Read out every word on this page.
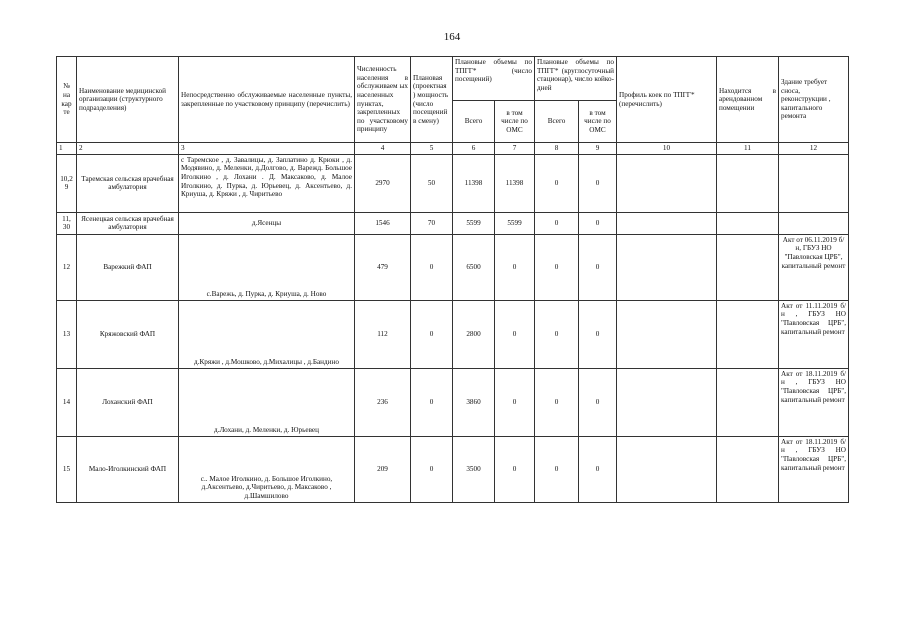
164
№ на кар те	Наименование медицинской организации (структурного подразделения)	Непосредственно обслуживаемые населенные пункты, закрепленные по участковому принципу (перечислить)	Численность населения в обслуживаем ых населенных пунктах, закрепленных по участковому принципу	Плановая (проектная ) мощность (число посещений в смену)	Плановые объемы по ТПГГ* (число посещений)		Плановые объемы по ТПГГ* (круглосуточный стационар), число койко-дней		Профиль коек по ТПГГ* (перечислить)	Находится в арендованном помещении	Здание требует сноса, реконструкции , капитального ремонта
					Всего	в том числе по ОМС	Всего	в том числе по ОМС			
1	2	3	4	5	6	7	8	9	10	11	12
10,2 9	Таремская сельская врачебная амбулатория	с Таремское , д. Завалицы, д. Заплатино д. Крюки , д. Модявино, д. Меленки, д.Долгово, д. Варежд. Большое Иголкино , д. Лохани . Д. Максаково, д. Малое Иголкино, д. Пурка, д. Юрьевец, д. Аксентьево, д. Криуша, д. Кряжи , д. Чиритьево	2970	50	11398	11398	0	0			
11, 30	Ясенецкая сельская врачебная амбулатория	д.Ясенцы	1546	70	5599	5599	0	0			
12	Варежкий ФАП	с.Варежь, д. Пурка, д. Криуша, д. Ново	479	0	6500	0	0	0			Акт от 06.11.2019 б/н, ГБУЗ НО "Павловская ЦРБ", капитальный ремонт
13	Кряжовский ФАП	д.Кряжи , д.Мошково, д.Михалицы , д.Бандино	112	0	2800	0	0	0			Акт от 11.11.2019 б/н , ГБУЗ НО "Павловская ЦРБ", капитальный ремонт
14	Лоханский ФАП	д.Лохани, д. Меленки, д. Юрьевец	236	0	3860	0	0	0			Акт от 18.11.2019 б/н , ГБУЗ НО "Павловская ЦРБ", капитальный ремонт
15	Мало-Иголкинский ФАП	с.. Малое Иголкино, д. Большое Иголкино, д.Аксентьево, д.Чиритьево, д. Максаково , д.Шамшилово	209	0	3500	0	0	0			Акт от 18.11.2019 б/н , ГБУЗ НО "Павловская ЦРБ", капитальный ремонт
